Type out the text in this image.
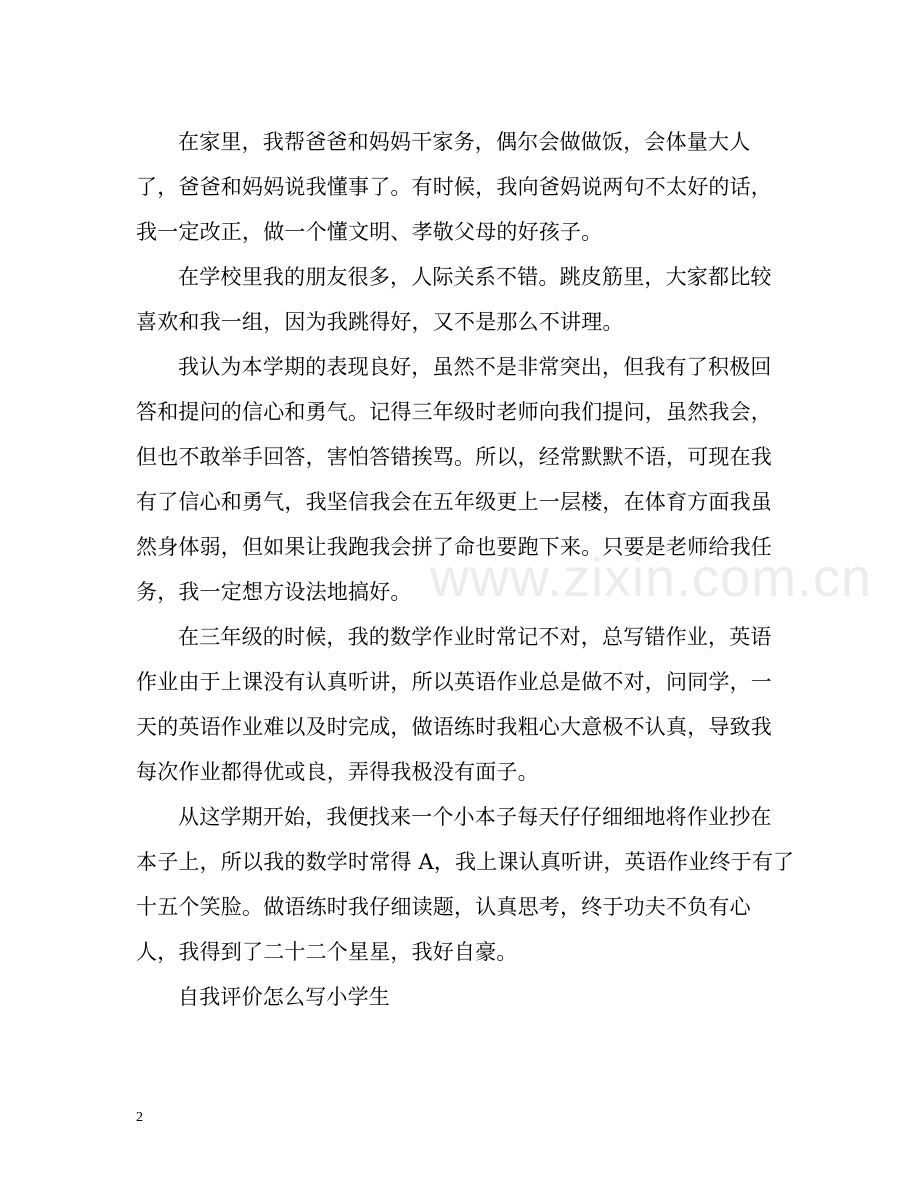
www.zixin.com.cn
在家里，我帮爸爸和妈妈干家务，偶尔会做做饭，会体量大人
了，爸爸和妈妈说我懂事了。有时候，我向爸妈说两句不太好的话，
我一定改正，做一个懂文明、孝敬父母的好孩子。
在学校里我的朋友很多，人际关系不错。跳皮筋里，大家都比较
喜欢和我一组，因为我跳得好，又不是那么不讲理。
我认为本学期的表现良好，虽然不是非常突出，但我有了积极回
答和提问的信心和勇气。记得三年级时老师向我们提问，虽然我会，
但也不敢举手回答，害怕答错挨骂。所以，经常默默不语，可现在我
有了信心和勇气，我坚信我会在五年级更上一层楼，在体育方面我虽
然身体弱，但如果让我跑我会拼了命也要跑下来。只要是老师给我任
务，我一定想方设法地搞好。
在三年级的时候，我的数学作业时常记不对，总写错作业，英语
作业由于上课没有认真听讲，所以英语作业总是做不对，问同学，一
天的英语作业难以及时完成，做语练时我粗心大意极不认真，导致我
每次作业都得优或良，弄得我极没有面子。
从这学期开始，我便找来一个小本子每天仔仔细细地将作业抄在
本子上，所以我的数学时常得 A，我上课认真听讲，英语作业终于有了
十五个笑脸。做语练时我仔细读题，认真思考，终于功夫不负有心
人，我得到了二十二个星星，我好自豪。
自我评价怎么写小学生
2
